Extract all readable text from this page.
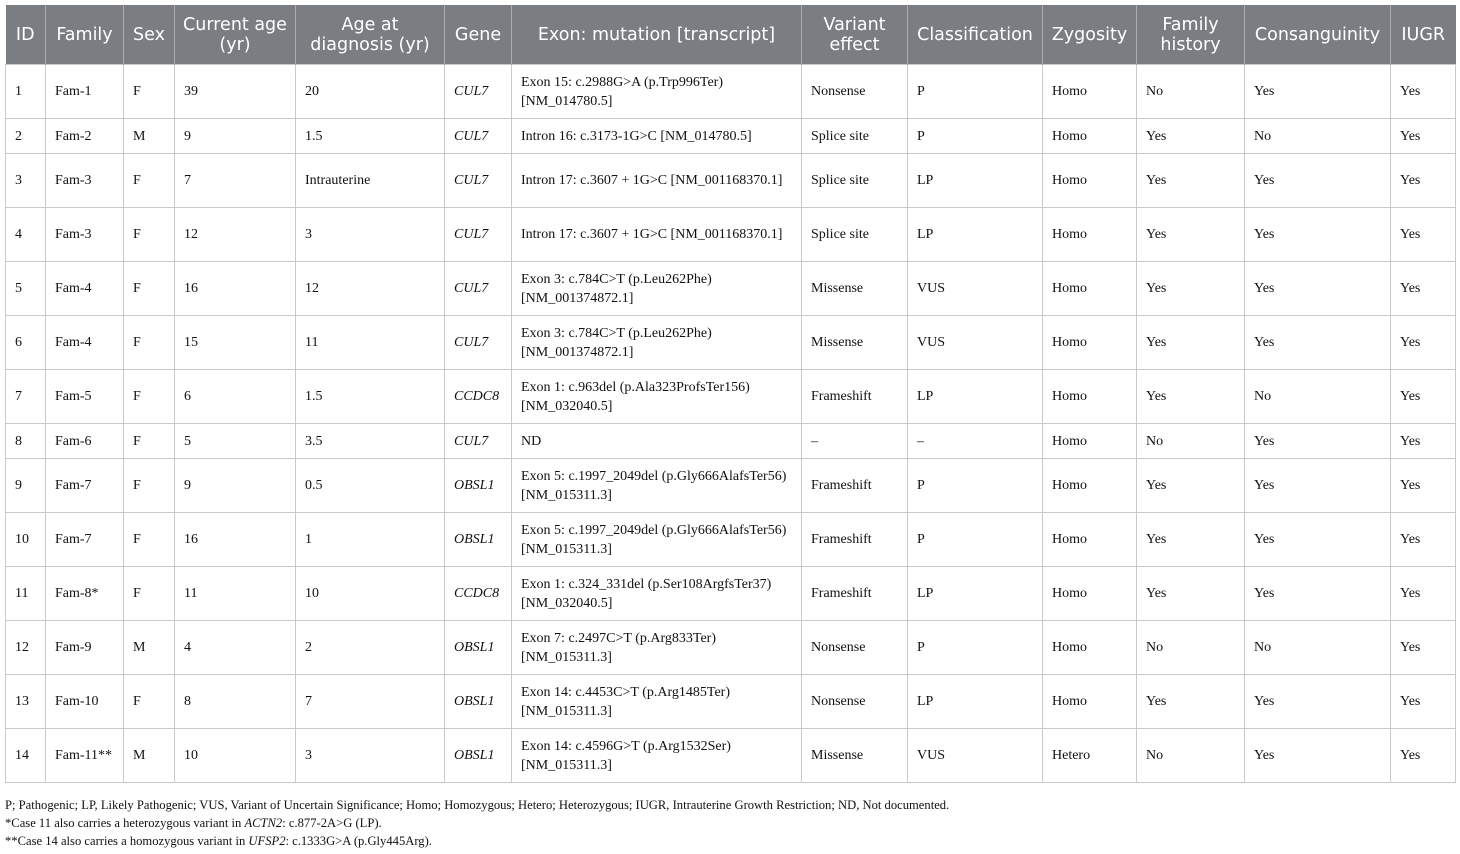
ID	Family	Sex	Current age (yr)	Age at diagnosis (yr)	Gene	Exon: mutation [transcript]	Variant effect	Classification	Zygosity	Family history	Consanguinity	IUGR
1	Fam-1	F	39	20	CUL7	Exon 15: c.2988G>A (p.Trp996Ter) [NM_014780.5]	Nonsense	P	Homo	No	Yes	Yes
2	Fam-2	M	9	1.5	CUL7	Intron 16: c.3173-1G>C [NM_014780.5]	Splice site	P	Homo	Yes	No	Yes
3	Fam-3	F	7	Intrauterine	CUL7	Intron 17: c.3607 + 1G>C [NM_001168370.1]	Splice site	LP	Homo	Yes	Yes	Yes
4	Fam-3	F	12	3	CUL7	Intron 17: c.3607 + 1G>C [NM_001168370.1]	Splice site	LP	Homo	Yes	Yes	Yes
5	Fam-4	F	16	12	CUL7	Exon 3: c.784C>T (p.Leu262Phe) [NM_001374872.1]	Missense	VUS	Homo	Yes	Yes	Yes
6	Fam-4	F	15	11	CUL7	Exon 3: c.784C>T (p.Leu262Phe) [NM_001374872.1]	Missense	VUS	Homo	Yes	Yes	Yes
7	Fam-5	F	6	1.5	CCDC8	Exon 1: c.963del (p.Ala323ProfsTer156) [NM_032040.5]	Frameshift	LP	Homo	Yes	No	Yes
8	Fam-6	F	5	3.5	CUL7	ND	–	–	Homo	No	Yes	Yes
9	Fam-7	F	9	0.5	OBSL1	Exon 5: c.1997_2049del (p.Gly666AlafsTer56) [NM_015311.3]	Frameshift	P	Homo	Yes	Yes	Yes
10	Fam-7	F	16	1	OBSL1	Exon 5: c.1997_2049del (p.Gly666AlafsTer56) [NM_015311.3]	Frameshift	P	Homo	Yes	Yes	Yes
11	Fam-8*	F	11	10	CCDC8	Exon 1: c.324_331del (p.Ser108ArgfsTer37) [NM_032040.5]	Frameshift	LP	Homo	Yes	Yes	Yes
12	Fam-9	M	4	2	OBSL1	Exon 7: c.2497C>T (p.Arg833Ter) [NM_015311.3]	Nonsense	P	Homo	No	No	Yes
13	Fam-10	F	8	7	OBSL1	Exon 14: c.4453C>T (p.Arg1485Ter) [NM_015311.3]	Nonsense	LP	Homo	Yes	Yes	Yes
14	Fam-11**	M	10	3	OBSL1	Exon 14: c.4596G>T (p.Arg1532Ser) [NM_015311.3]	Missense	VUS	Hetero	No	Yes	Yes
P; Pathogenic; LP, Likely Pathogenic; VUS, Variant of Uncertain Significance; Homo; Homozygous; Hetero; Heterozygous; IUGR, Intrauterine Growth Restriction; ND, Not documented.
*Case 11 also carries a heterozygous variant in ACTN2: c.877-2A>G (LP).
**Case 14 also carries a homozygous variant in UFSP2: c.1333G>A (p.Gly445Arg).
